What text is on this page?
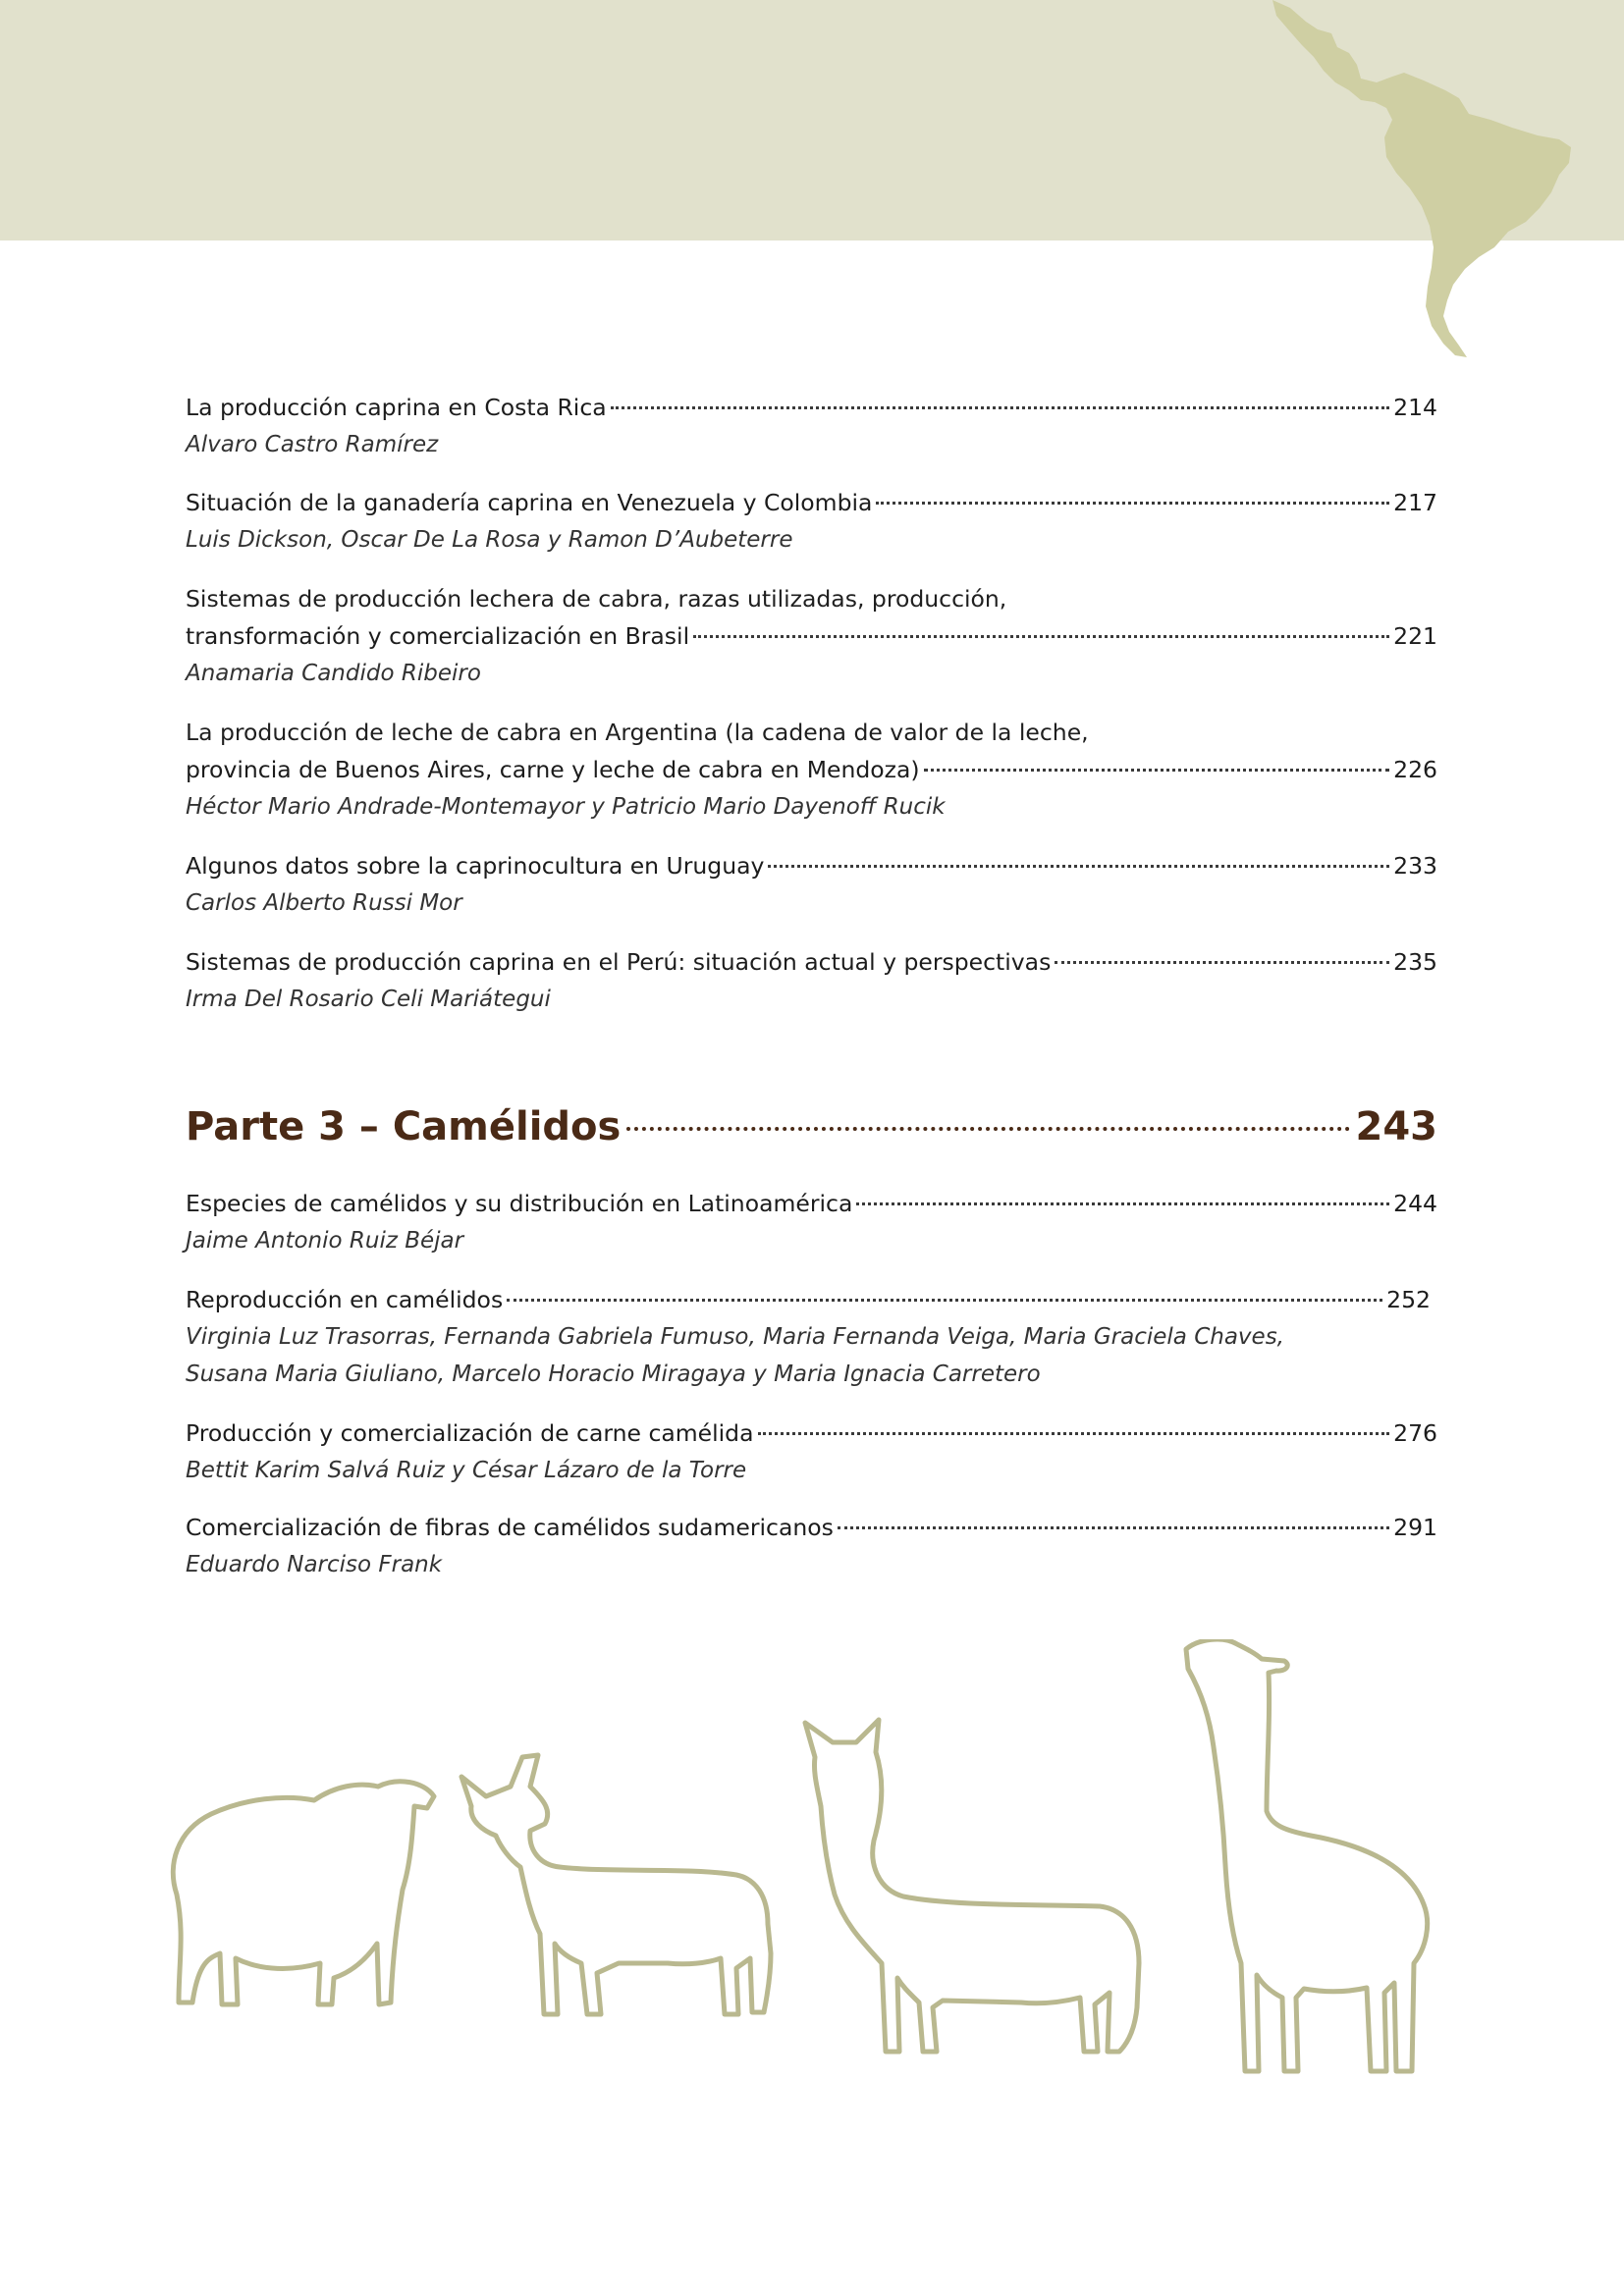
La producción caprina en Costa Rica	214
Alvaro Castro Ramírez
Situación de la ganadería caprina en Venezuela y Colombia	217
Luis Dickson, Oscar De La Rosa y Ramon D’Aubeterre
Sistemas de producción lechera de cabra, razas utilizadas, producción,
transformación y comercialización en Brasil	221
Anamaria Candido Ribeiro
La producción de leche de cabra en Argentina (la cadena de valor de la leche,
provincia de Buenos Aires, carne y leche de cabra en Mendoza)	226
Héctor Mario Andrade-Montemayor y Patricio Mario Dayenoff Rucik
Algunos datos sobre la caprinocultura en Uruguay	233
Carlos Alberto Russi Mor
Sistemas de producción caprina en el Perú: situación actual y perspectivas	235
Irma Del Rosario Celi Mariátegui
Parte 3 – Camélidos	243
Especies de camélidos y su distribución en Latinoamérica	244
Jaime Antonio Ruiz Béjar
Reproducción en camélidos	252
Virginia Luz Trasorras, Fernanda Gabriela Fumuso, Maria Fernanda Veiga, Maria Graciela Chaves,
Susana Maria Giuliano, Marcelo Horacio Miragaya y Maria Ignacia Carretero
Producción y comercialización de carne camélida	276
Bettit Karim Salvá Ruiz y César Lázaro de la Torre
Comercialización de fibras de camélidos sudamericanos	291
Eduardo Narciso Frank
